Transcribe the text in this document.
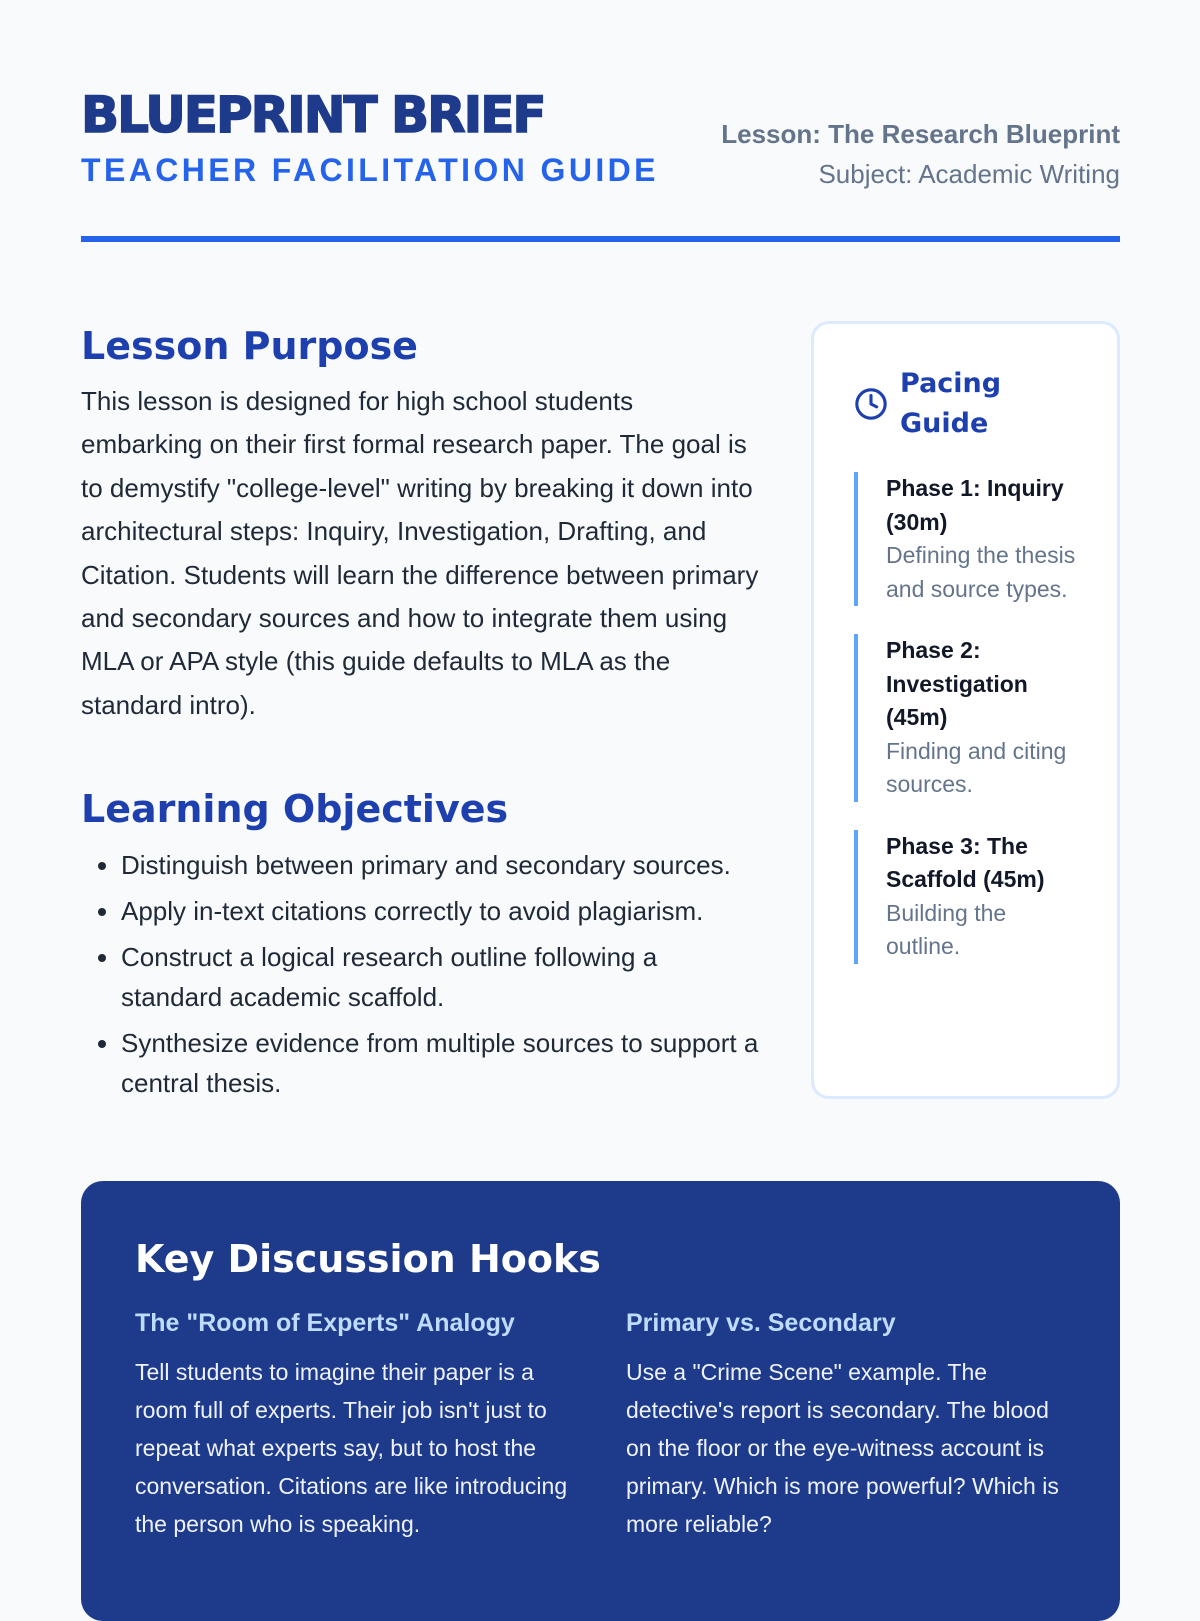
BLUEPRINT BRIEF
TEACHER FACILITATION GUIDE
Lesson: The Research Blueprint
Subject: Academic Writing
Lesson Purpose

This lesson is designed for high school students embarking on their first formal research paper. The goal is to demystify "college-level" writing by breaking it down into architectural steps: Inquiry, Investigation, Drafting, and Citation. Students will learn the difference between primary and secondary sources and how to integrate them using MLA or APA style (this guide defaults to MLA as the standard intro).

Learning Objectives
• Distinguish between primary and secondary sources.
• Apply in-text citations correctly to avoid plagiarism.
• Construct a logical research outline following a standard academic scaffold.
• Synthesize evidence from multiple sources to support a central thesis.
Pacing Guide
Phase 1: Inquiry (30m)
Defining the thesis and source types.
Phase 2: Investigation (45m)
Finding and citing sources.
Phase 3: The Scaffold (45m)
Building the outline.
Key Discussion Hooks
The "Room of Experts" Analogy
Tell students to imagine their paper is a room full of experts. Their job isn't just to repeat what experts say, but to host the conversation. Citations are like introducing the person who is speaking.
Primary vs. Secondary
Use a "Crime Scene" example. The detective's report is secondary. The blood on the floor or the eye-witness account is primary. Which is more powerful? Which is more reliable?
